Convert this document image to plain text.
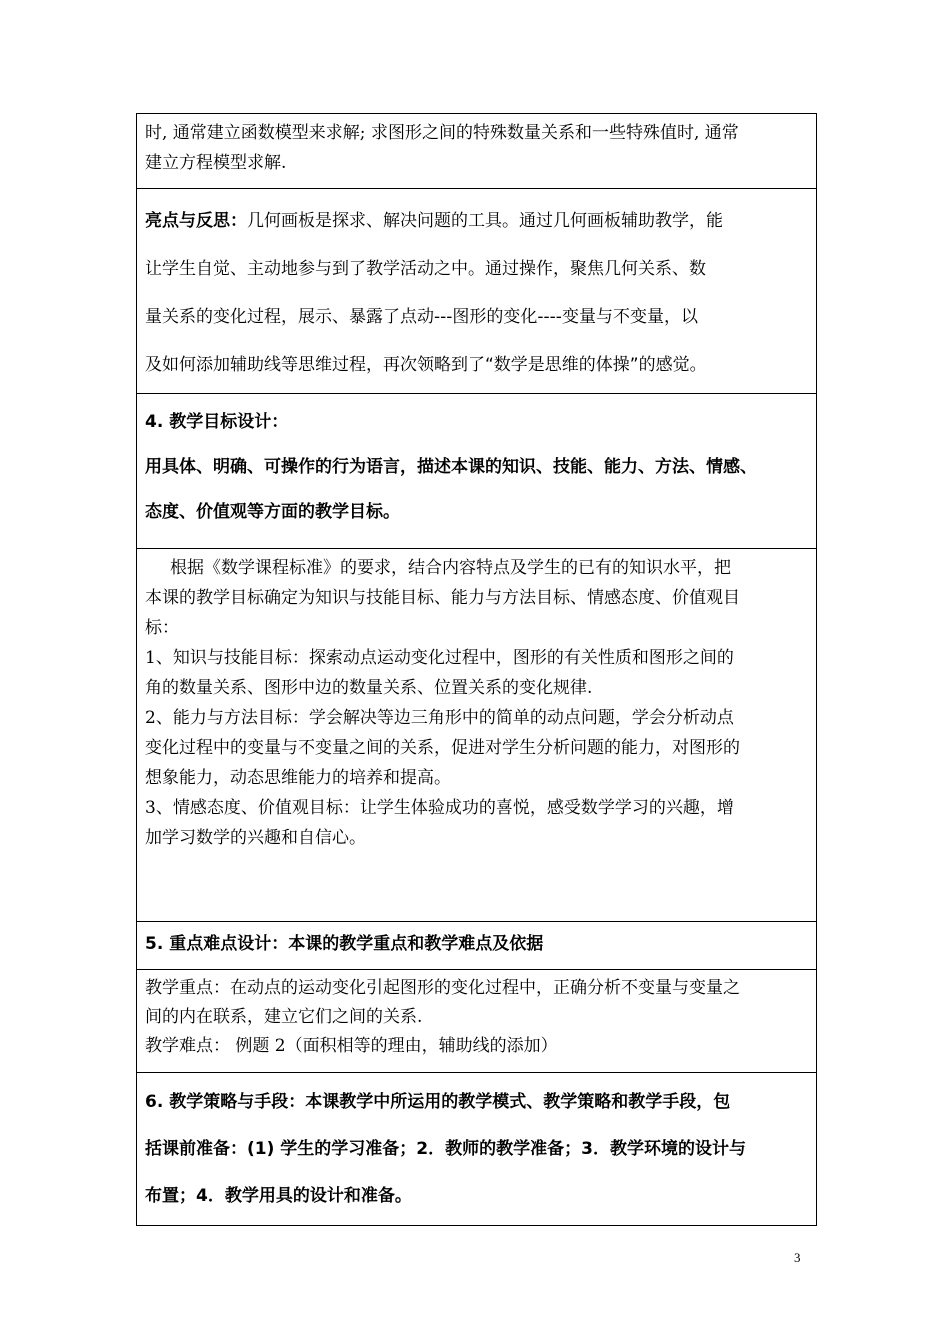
时, 通常建立函数模型来求解; 求图形之间的特殊数量关系和一些特殊值时, 通常

建立方程模型求解.

亮点与反思：几何画板是探求、解决问题的工具。通过几何画板辅助教学，能

让学生自觉、主动地参与到了教学活动之中。通过操作，聚焦几何关系、数

量关系的变化过程，展示、暴露了点动---图形的变化----变量与不变量，以

及如何添加辅助线等思维过程，再次领略到了“数学是思维的体操”的感觉。

4. 教学目标设计：

用具体、明确、可操作的行为语言，描述本课的知识、技能、能力、方法、情感、

态度、价值观等方面的教学目标。

根据《数学课程标准》的要求，结合内容特点及学生的已有的知识水平，把

本课的教学目标确定为知识与技能目标、能力与方法目标、情感态度、价值观目

标：

1、知识与技能目标：探索动点运动变化过程中，图形的有关性质和图形之间的

角的数量关系、图形中边的数量关系、位置关系的变化规律.

2、能力与方法目标：学会解决等边三角形中的简单的动点问题，学会分析动点

变化过程中的变量与不变量之间的关系，促进对学生分析问题的能力，对图形的

想象能力，动态思维能力的培养和提高。

3、情感态度、价值观目标：让学生体验成功的喜悦，感受数学学习的兴趣，增

加学习数学的兴趣和自信心。

5. 重点难点设计：本课的教学重点和教学难点及依据

教学重点：在动点的运动变化引起图形的变化过程中，正确分析不变量与变量之

间的内在联系，建立它们之间的关系.

教学难点： 例题 2（面积相等的理由，辅助线的添加）

6. 教学策略与手段：本课教学中所运用的教学模式、教学策略和教学手段，包

括课前准备：(1) 学生的学习准备；2．教师的教学准备；3．教学环境的设计与

布置；4．教学用具的设计和准备。

3
